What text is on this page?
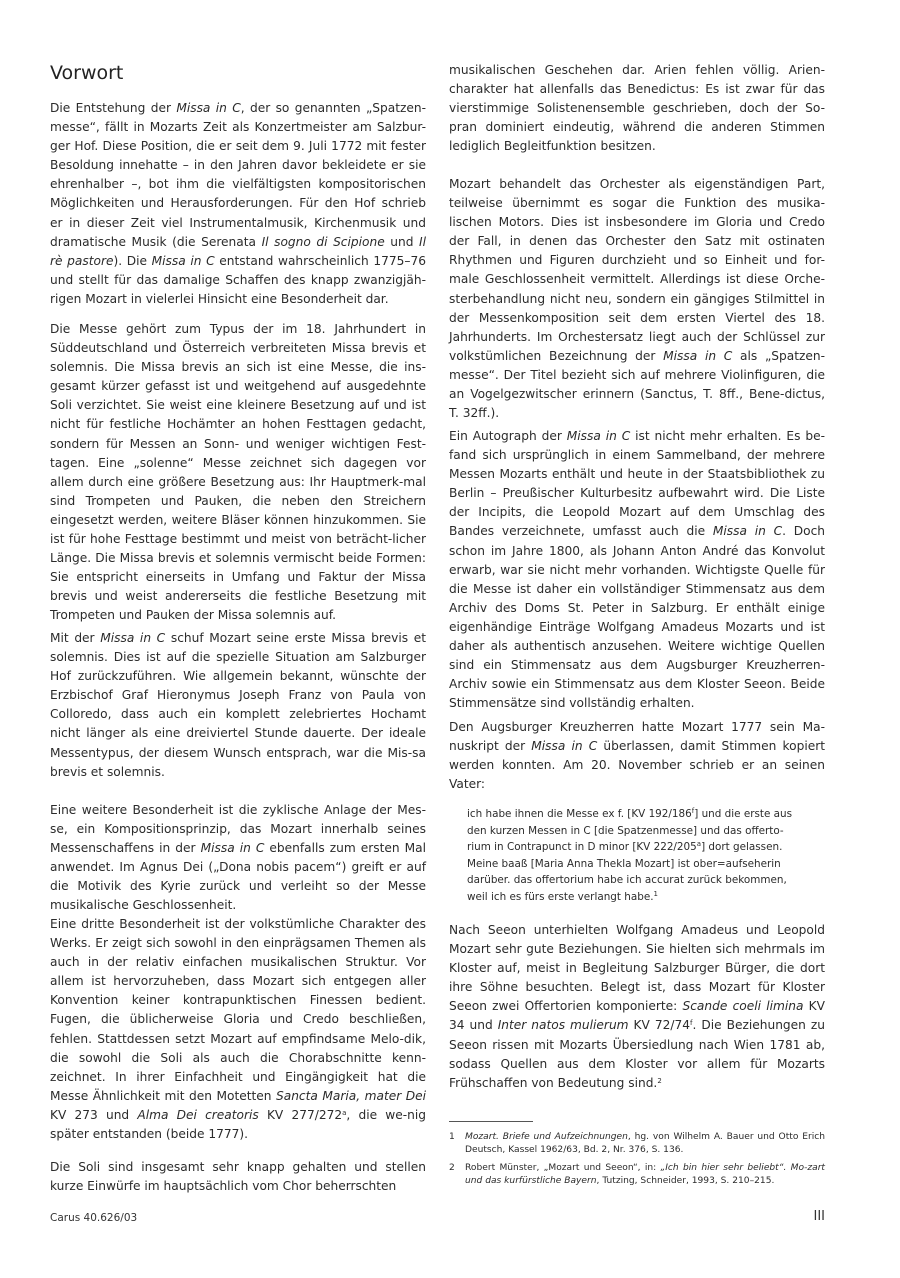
Vorwort

Die Entstehung der Missa in C, der so genannten „Spatzen-messe“, fällt in Mozarts Zeit als Konzertmeister am Salzbur-ger Hof. Diese Position, die er seit dem 9. Juli 1772 mit fester Besoldung innehatte – in den Jahren davor bekleidete er sie ehrenhalber –, bot ihm die vielfältigsten kompositorischen Möglichkeiten und Herausforderungen. Für den Hof schrieb er in dieser Zeit viel Instrumentalmusik, Kirchenmusik und dramatische Musik (die Serenata Il sogno di Scipione und Il rè pastore). Die Missa in C entstand wahrscheinlich 1775–76 und stellt für das damalige Schaffen des knapp zwanzigjäh-rigen Mozart in vielerlei Hinsicht eine Besonderheit dar.

Die Messe gehört zum Typus der im 18. Jahrhundert in Süddeutschland und Österreich verbreiteten Missa brevis et solemnis. Die Missa brevis an sich ist eine Messe, die ins-gesamt kürzer gefasst ist und weitgehend auf ausgedehnte Soli verzichtet. Sie weist eine kleinere Besetzung auf und ist nicht für festliche Hochämter an hohen Festtagen gedacht, sondern für Messen an Sonn- und weniger wichtigen Fest-tagen. Eine „solenne“ Messe zeichnet sich dagegen vor allem durch eine größere Besetzung aus: Ihr Hauptmerk-mal sind Trompeten und Pauken, die neben den Streichern eingesetzt werden, weitere Bläser können hinzukommen. Sie ist für hohe Festtage bestimmt und meist von beträcht-licher Länge. Die Missa brevis et solemnis vermischt beide Formen: Sie entspricht einerseits in Umfang und Faktur der Missa brevis und weist andererseits die festliche Besetzung mit Trompeten und Pauken der Missa solemnis auf.

Mit der Missa in C schuf Mozart seine erste Missa brevis et solemnis. Dies ist auf die spezielle Situation am Salzburger Hof zurückzuführen. Wie allgemein bekannt, wünschte der Erzbischof Graf Hieronymus Joseph Franz von Paula von Colloredo, dass auch ein komplett zelebriertes Hochamt nicht länger als eine dreiviertel Stunde dauerte. Der ideale Messentypus, der diesem Wunsch entsprach, war die Mis-sa brevis et solemnis.

Eine weitere Besonderheit ist die zyklische Anlage der Mes-se, ein Kompositionsprinzip, das Mozart innerhalb seines Messenschaffens in der Missa in C ebenfalls zum ersten Mal anwendet. Im Agnus Dei („Dona nobis pacem“) greift er auf die Motivik des Kyrie zurück und verleiht so der Messe musikalische Geschlossenheit.

Eine dritte Besonderheit ist der volkstümliche Charakter des Werks. Er zeigt sich sowohl in den einprägsamen Themen als auch in der relativ einfachen musikalischen Struktur. Vor allem ist hervorzuheben, dass Mozart sich entgegen aller Konvention keiner kontrapunktischen Finessen bedient. Fugen, die üblicherweise Gloria und Credo beschließen, fehlen. Stattdessen setzt Mozart auf empfindsame Melo-dik, die sowohl die Soli als auch die Chorabschnitte kenn-zeichnet. In ihrer Einfachheit und Eingängigkeit hat die Messe Ähnlichkeit mit den Motetten Sancta Maria, mater Dei KV 273 und Alma Dei creatoris KV 277/272$^a$, die we-nig später entstanden (beide 1777).

Die Soli sind insgesamt sehr knapp gehalten und stellen kurze Einwürfe im hauptsächlich vom Chor beherrschten

musikalischen Geschehen dar. Arien fehlen völlig. Arien-charakter hat allenfalls das Benedictus: Es ist zwar für das vierstimmige Solistenensemble geschrieben, doch der So-pran dominiert eindeutig, während die anderen Stimmen lediglich Begleitfunktion besitzen.

Mozart behandelt das Orchester als eigenständigen Part, teilweise übernimmt es sogar die Funktion des musika-lischen Motors. Dies ist insbesondere im Gloria und Credo der Fall, in denen das Orchester den Satz mit ostinaten Rhythmen und Figuren durchzieht und so Einheit und for-male Geschlossenheit vermittelt. Allerdings ist diese Orche-sterbehandlung nicht neu, sondern ein gängiges Stilmittel in der Messenkomposition seit dem ersten Viertel des 18. Jahrhunderts. Im Orchestersatz liegt auch der Schlüssel zur volkstümlichen Bezeichnung der Missa in C als „Spatzen-messe“. Der Titel bezieht sich auf mehrere Violinfiguren, die an Vogelgezwitscher erinnern (Sanctus, T. 8ff., Bene-dictus, T. 32ff.).

Ein Autograph der Missa in C ist nicht mehr erhalten. Es be-fand sich ursprünglich in einem Sammelband, der mehrere Messen Mozarts enthält und heute in der Staatsbibliothek zu Berlin – Preußischer Kulturbesitz aufbewahrt wird. Die Liste der Incipits, die Leopold Mozart auf dem Umschlag des Bandes verzeichnete, umfasst auch die Missa in C. Doch schon im Jahre 1800, als Johann Anton André das Konvolut erwarb, war sie nicht mehr vorhanden. Wichtigste Quelle für die Messe ist daher ein vollständiger Stimmensatz aus dem Archiv des Doms St. Peter in Salzburg. Er enthält einige eigenhändige Einträge Wolfgang Amadeus Mozarts und ist daher als authentisch anzusehen. Weitere wichtige Quellen sind ein Stimmensatz aus dem Augsburger Kreuzherren-Archiv sowie ein Stimmensatz aus dem Kloster Seeon. Beide Stimmensätze sind vollständig erhalten.

Den Augsburger Kreuzherren hatte Mozart 1777 sein Ma-nuskript der Missa in C überlassen, damit Stimmen kopiert werden konnten. Am 20. November schrieb er an seinen Vater:

ich habe ihnen die Messe ex f. [KV 192/186$^f$] und die erste aus den kurzen Messen in C [die Spatzenmesse] und das offerto-rium in Contrapunct in D minor [KV 222/205$^a$] dort gelassen. Meine baaß [Maria Anna Thekla Mozart] ist ober=aufseherin darüber. das offertorium habe ich accurat zurück bekommen, weil ich es fürs erste verlangt habe.$^1$

Nach Seeon unterhielten Wolfgang Amadeus und Leopold Mozart sehr gute Beziehungen. Sie hielten sich mehrmals im Kloster auf, meist in Begleitung Salzburger Bürger, die dort ihre Söhne besuchten. Belegt ist, dass Mozart für Kloster Seeon zwei Offertorien komponierte: Scande coeli limina KV 34 und Inter natos mulierum KV 72/74$^f$. Die Beziehungen zu Seeon rissen mit Mozarts Übersiedlung nach Wien 1781 ab, sodass Quellen aus dem Kloster vor allem für Mozarts Frühschaffen von Bedeutung sind.$^2$

1	Mozart. Briefe und Aufzeichnungen, hg. von Wilhelm A. Bauer und Otto Erich Deutsch, Kassel 1962/63, Bd. 2, Nr. 376, S. 136.

2	Robert Münster, „Mozart und Seeon“, in: „Ich bin hier sehr beliebt“. Mo-zart und das kurfürstliche Bayern, Tutzing, Schneider, 1993, S. 210–215.

Carus 40.626/03	III
